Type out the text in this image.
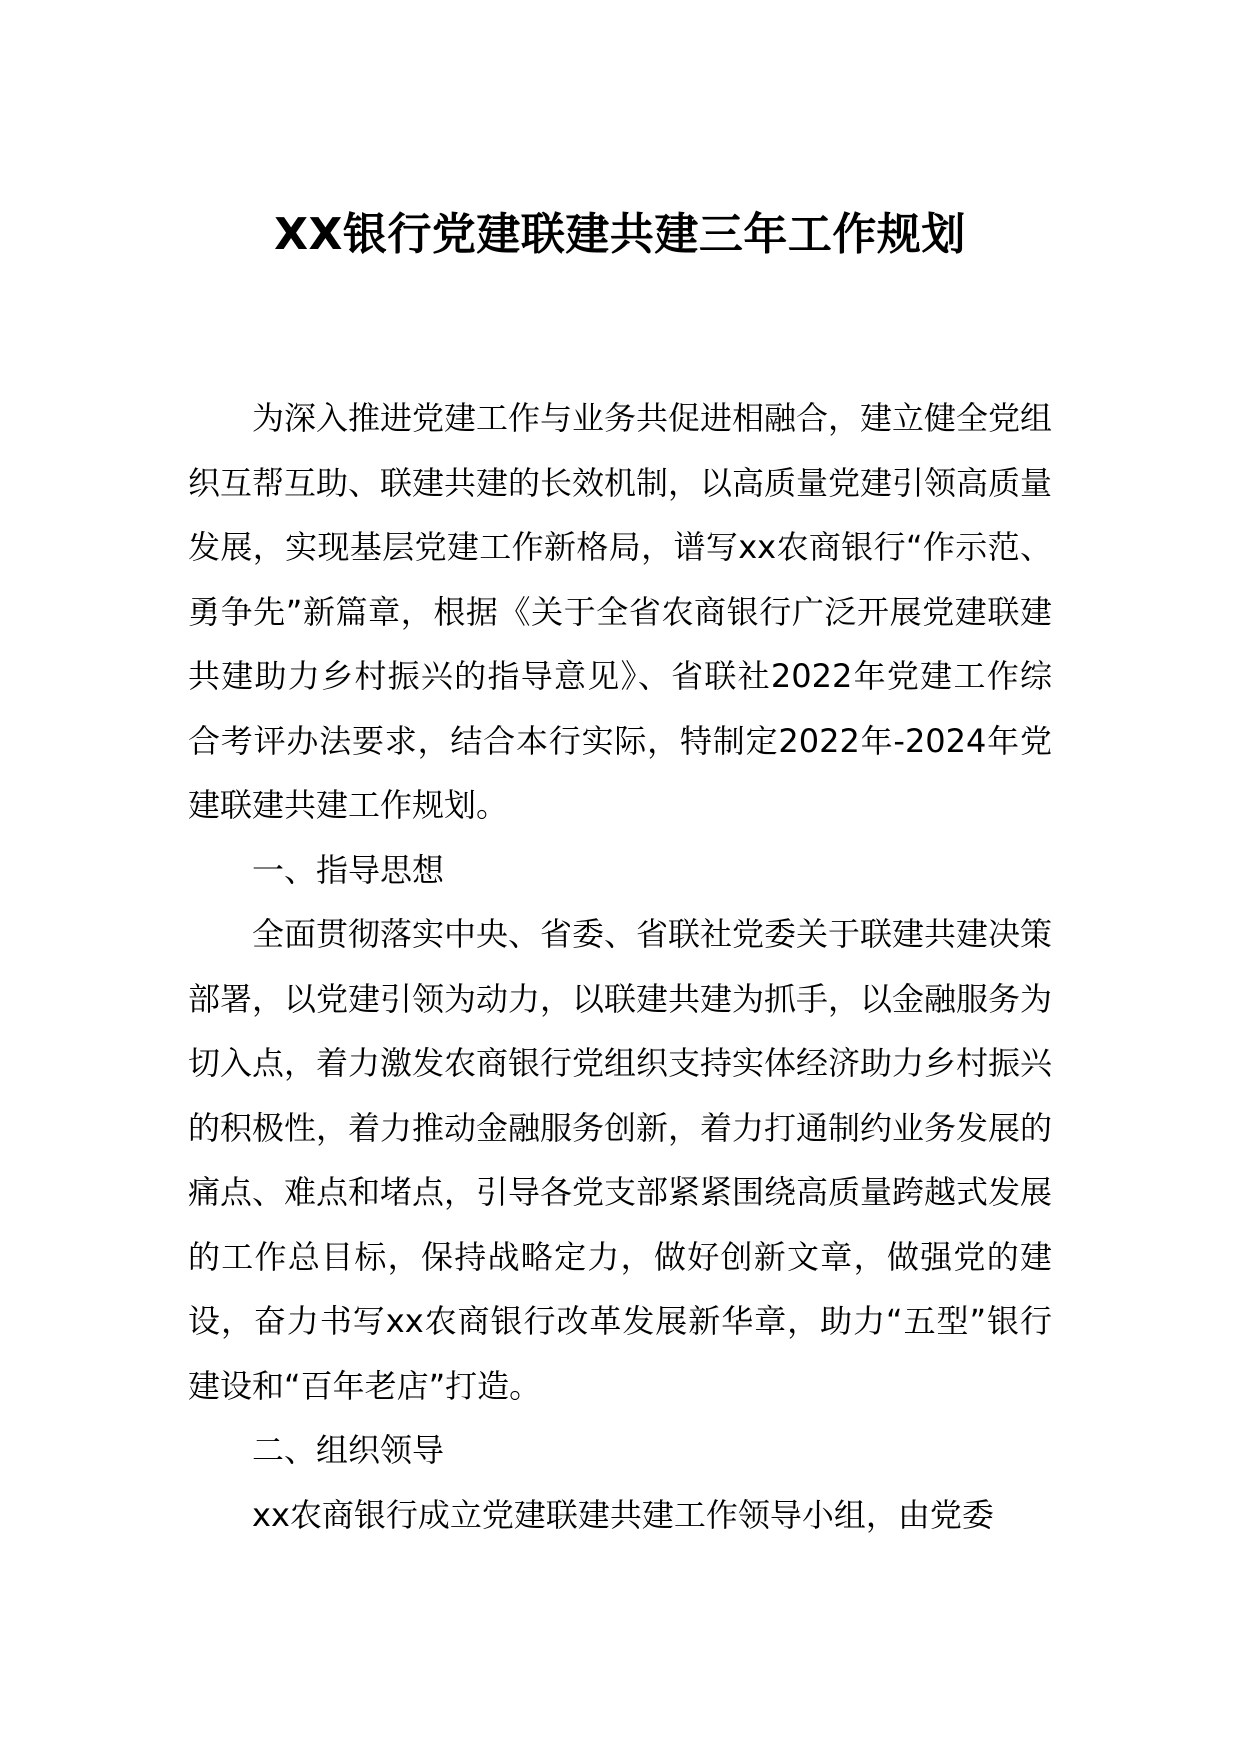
XX银行党建联建共建三年工作规划

为深入推进党建工作与业务共促进相融合，建立健全党组织互帮互助、联建共建的长效机制，以高质量党建引领高质量发展，实现基层党建工作新格局，谱写xx农商银行“作示范、勇争先”新篇章，根据《关于全省农商银行广泛开展党建联建共建助力乡村振兴的指导意见》、省联社2022年党建工作综合考评办法要求，结合本行实际，特制定2022年-2024年党建联建共建工作规划。

一、指导思想

全面贯彻落实中央、省委、省联社党委关于联建共建决策部署，以党建引领为动力，以联建共建为抓手，以金融服务为切入点，着力激发农商银行党组织支持实体经济助力乡村振兴的积极性，着力推动金融服务创新，着力打通制约业务发展的痛点、难点和堵点，引导各党支部紧紧围绕高质量跨越式发展的工作总目标，保持战略定力，做好创新文章，做强党的建设，奋力书写xx农商银行改革发展新华章，助力“五型”银行建设和“百年老店”打造。

二、组织领导

xx农商银行成立党建联建共建工作领导小组，由党委
